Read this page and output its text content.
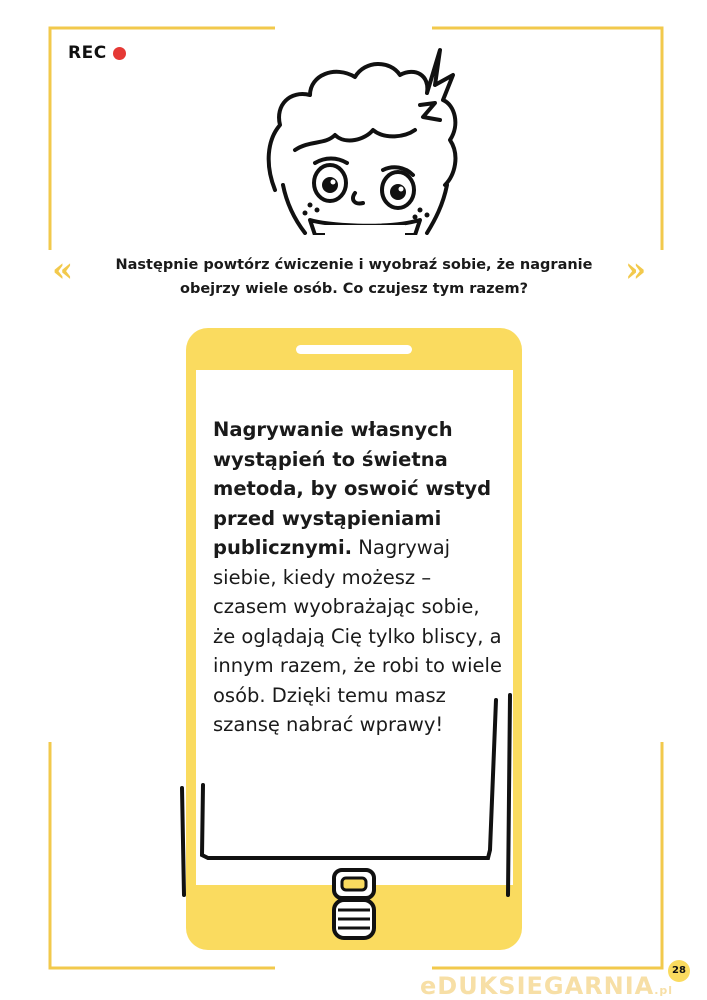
REC
«	»
Następnie powtórz ćwiczenie i wyobraź sobie, że nagranie obejrzy wiele osób. Co czujesz tym razem?
Nagrywanie własnych wystąpień to świetna metoda, by oswoić wstyd przed wystąpieniami publicznymi. Nagrywaj siebie, kiedy możesz – czasem wyobrażając sobie, że oglądają Cię tylko bliscy, a innym razem, że robi to wiele osób. Dzięki temu masz szansę nabrać wprawy!
28
eDUKSIEGARNIA.pl
